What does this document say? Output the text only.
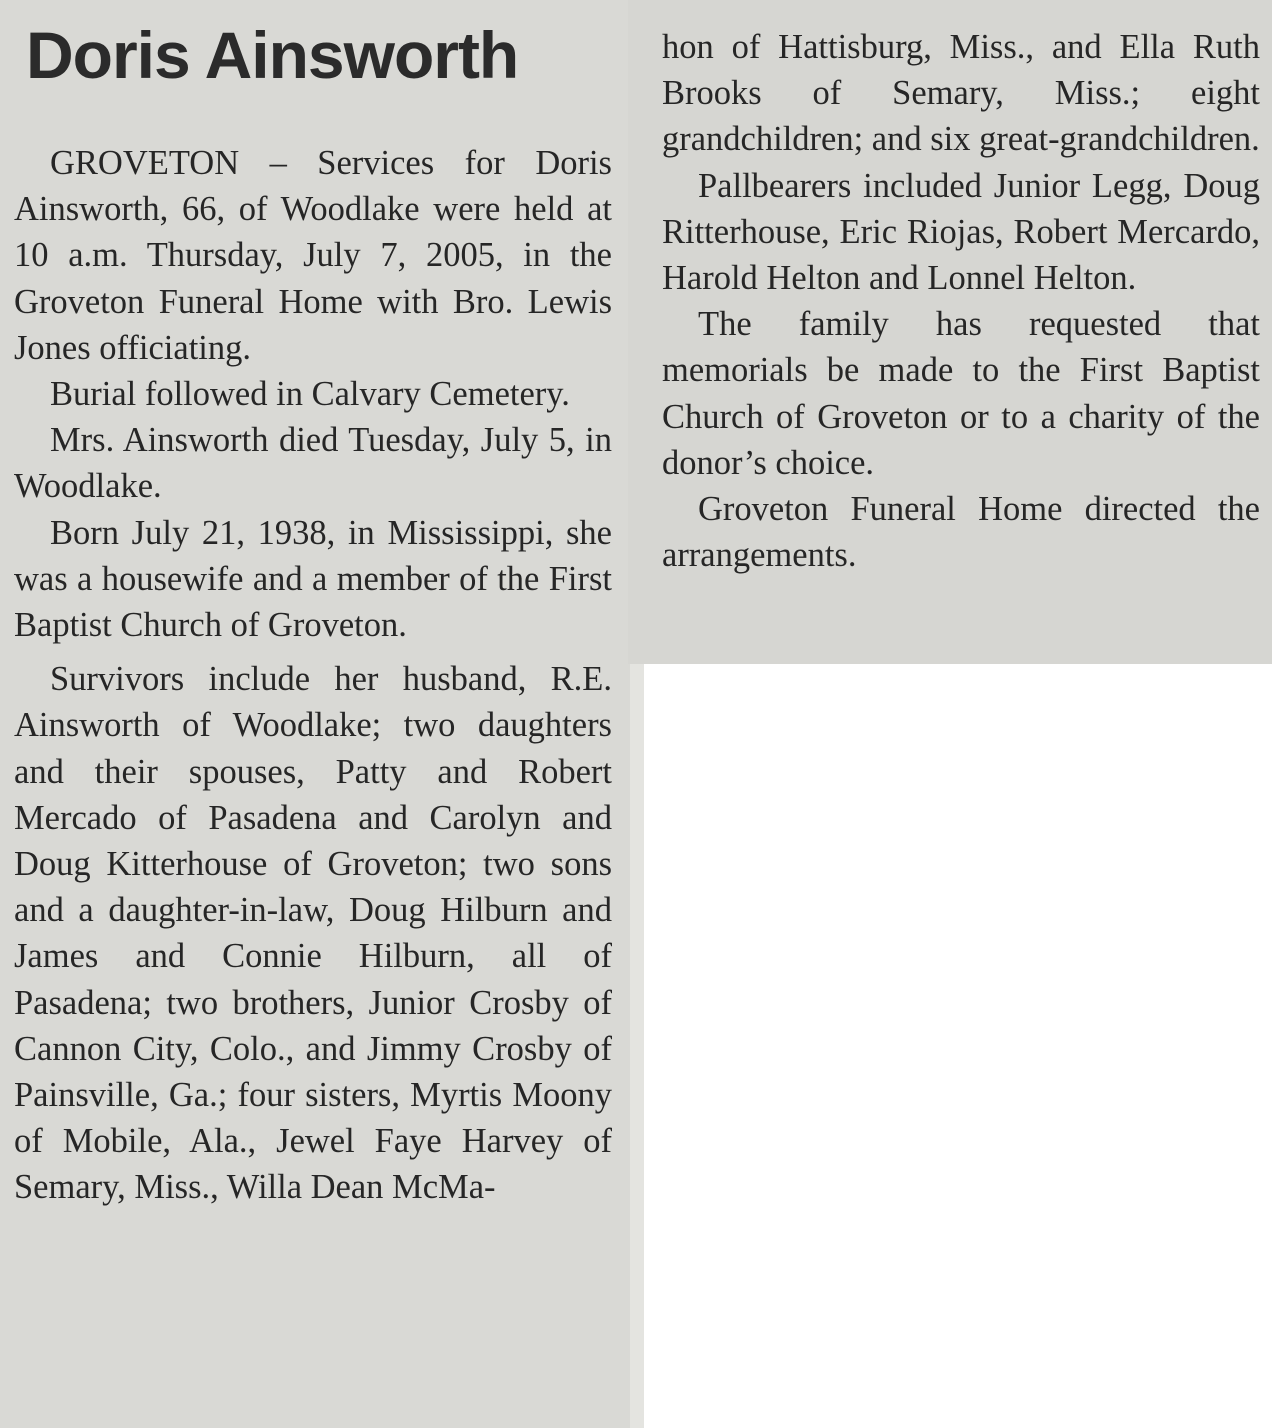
Doris Ainsworth

GROVETON – Services for Doris Ainsworth, 66, of Woodlake were held at 10 a.m. Thursday, July 7, 2005, in the Groveton Funeral Home with Bro. Lewis Jones officiating.

Burial followed in Calvary Cemetery.

Mrs. Ainsworth died Tuesday, July 5, in Woodlake.

Born July 21, 1938, in Mississippi, she was a housewife and a member of the First Baptist Church of Groveton.

Survivors include her husband, R.E. Ainsworth of Woodlake; two daughters and their spouses, Patty and Robert Mercado of Pasadena and Carolyn and Doug Kitterhouse of Groveton; two sons and a daughter-in-law, Doug Hilburn and James and Connie Hilburn, all of Pasadena; two brothers, Junior Crosby of Cannon City, Colo., and Jimmy Crosby of Painsville, Ga.; four sisters, Myrtis Moony of Mobile, Ala., Jewel Faye Harvey of Semary, Miss., Willa Dean McMa-

hon of Hattisburg, Miss., and Ella Ruth Brooks of Semary, Miss.; eight grandchildren; and six great-grandchildren.

Pallbearers included Junior Legg, Doug Ritterhouse, Eric Riojas, Robert Mercardo, Harold Helton and Lonnel Helton.

The family has requested that memorials be made to the First Baptist Church of Groveton or to a charity of the donor’s choice.

Groveton Funeral Home directed the arrangements.
